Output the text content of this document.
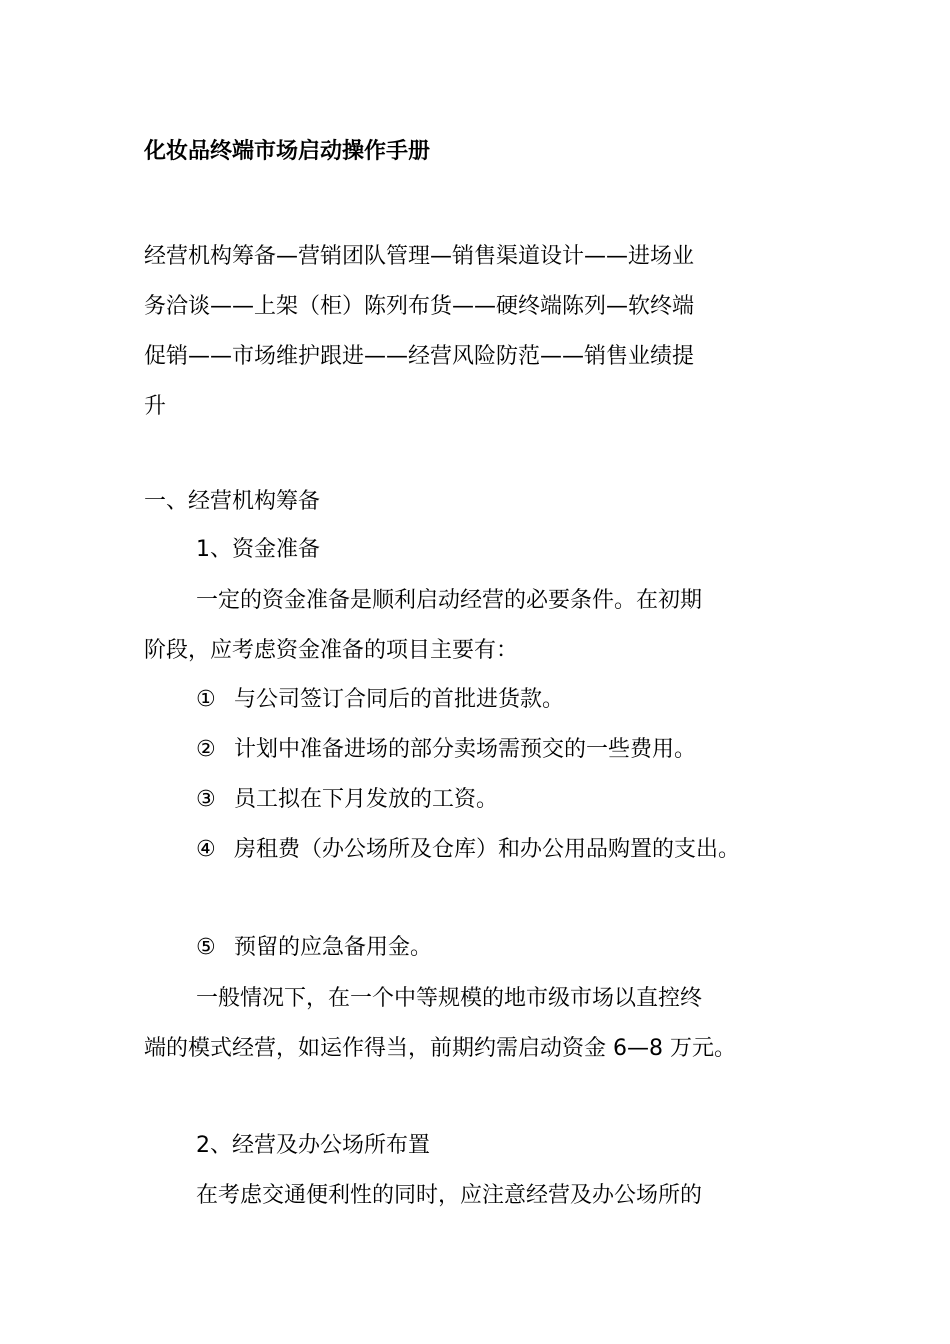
化妆品终端市场启动操作手册
经营机构筹备—营销团队管理—销售渠道设计——进场业
务洽谈——上架（柜）陈列布货——硬终端陈列—软终端
促销——市场维护跟进——经营风险防范——销售业绩提
升
一、经营机构筹备
1、资金准备
一定的资金准备是顺利启动经营的必要条件。在初期
阶段，应考虑资金准备的项目主要有：
① 与公司签订合同后的首批进货款。
② 计划中准备进场的部分卖场需预交的一些费用。
③ 员工拟在下月发放的工资。
④ 房租费（办公场所及仓库）和办公用品购置的支出。
⑤ 预留的应急备用金。
一般情况下，在一个中等规模的地市级市场以直控终
端的模式经营，如运作得当，前期约需启动资金 6—8 万元。
2、经营及办公场所布置
在考虑交通便利性的同时，应注意经营及办公场所的
